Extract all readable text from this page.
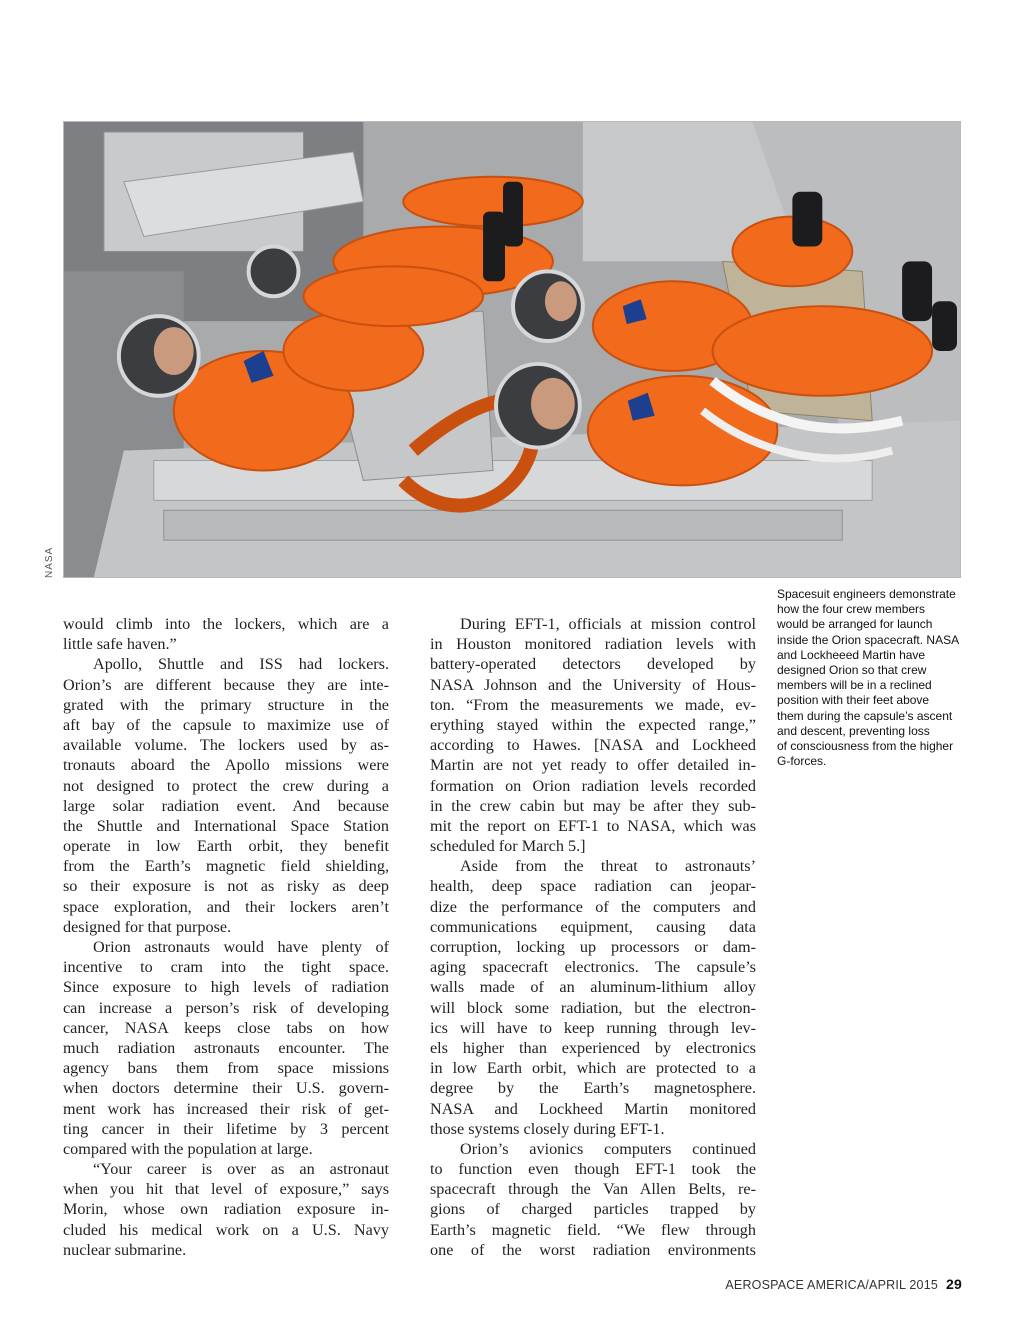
NASA
Spacesuit engineers demonstrate
how the four crew members
would be arranged for launch
inside the Orion spacecraft. NASA
and Lockheeed Martin have
designed Orion so that crew
members will be in a reclined
position with their feet above
them during the capsule’s ascent
and descent, preventing loss
of consciousness from the higher
G-forces.
would climb into the lockers, which are a
little safe haven.”
Apollo, Shuttle and ISS had lockers.
Orion’s are different because they are inte-
grated with the primary structure in the
aft bay of the capsule to maximize use of
available volume. The lockers used by as-
tronauts aboard the Apollo missions were
not designed to protect the crew during a
large solar radiation event. And because
the Shuttle and International Space Station
operate in low Earth orbit, they benefit
from the Earth’s magnetic field shielding,
so their exposure is not as risky as deep
space exploration, and their lockers aren’t
designed for that purpose.
Orion astronauts would have plenty of
incentive to cram into the tight space.
Since exposure to high levels of radiation
can increase a person’s risk of developing
cancer, NASA keeps close tabs on how
much radiation astronauts encounter. The
agency bans them from space missions
when doctors determine their U.S. govern-
ment work has increased their risk of get-
ting cancer in their lifetime by 3 percent
compared with the population at large.
“Your career is over as an astronaut
when you hit that level of exposure,” says
Morin, whose own radiation exposure in-
cluded his medical work on a U.S. Navy
nuclear submarine.
During EFT-1, officials at mission control
in Houston monitored radiation levels with
battery-operated detectors developed by
NASA Johnson and the University of Hous-
ton. “From the measurements we made, ev-
erything stayed within the expected range,”
according to Hawes. [NASA and Lockheed
Martin are not yet ready to offer detailed in-
formation on Orion radiation levels recorded
in the crew cabin but may be after they sub-
mit the report on EFT-1 to NASA, which was
scheduled for March 5.]
Aside from the threat to astronauts’
health, deep space radiation can jeopar-
dize the performance of the computers and
communications equipment, causing data
corruption, locking up processors or dam-
aging spacecraft electronics. The capsule’s
walls made of an aluminum-lithium alloy
will block some radiation, but the electron-
ics will have to keep running through lev-
els higher than experienced by electronics
in low Earth orbit, which are protected to a
degree by the Earth’s magnetosphere.
NASA and Lockheed Martin monitored
those systems closely during EFT-1.
Orion’s avionics computers continued
to function even though EFT-1 took the
spacecraft through the Van Allen Belts, re-
gions of charged particles trapped by
Earth’s magnetic field. “We flew through
one of the worst radiation environments
AEROSPACE AMERICA/APRIL 2015 29
